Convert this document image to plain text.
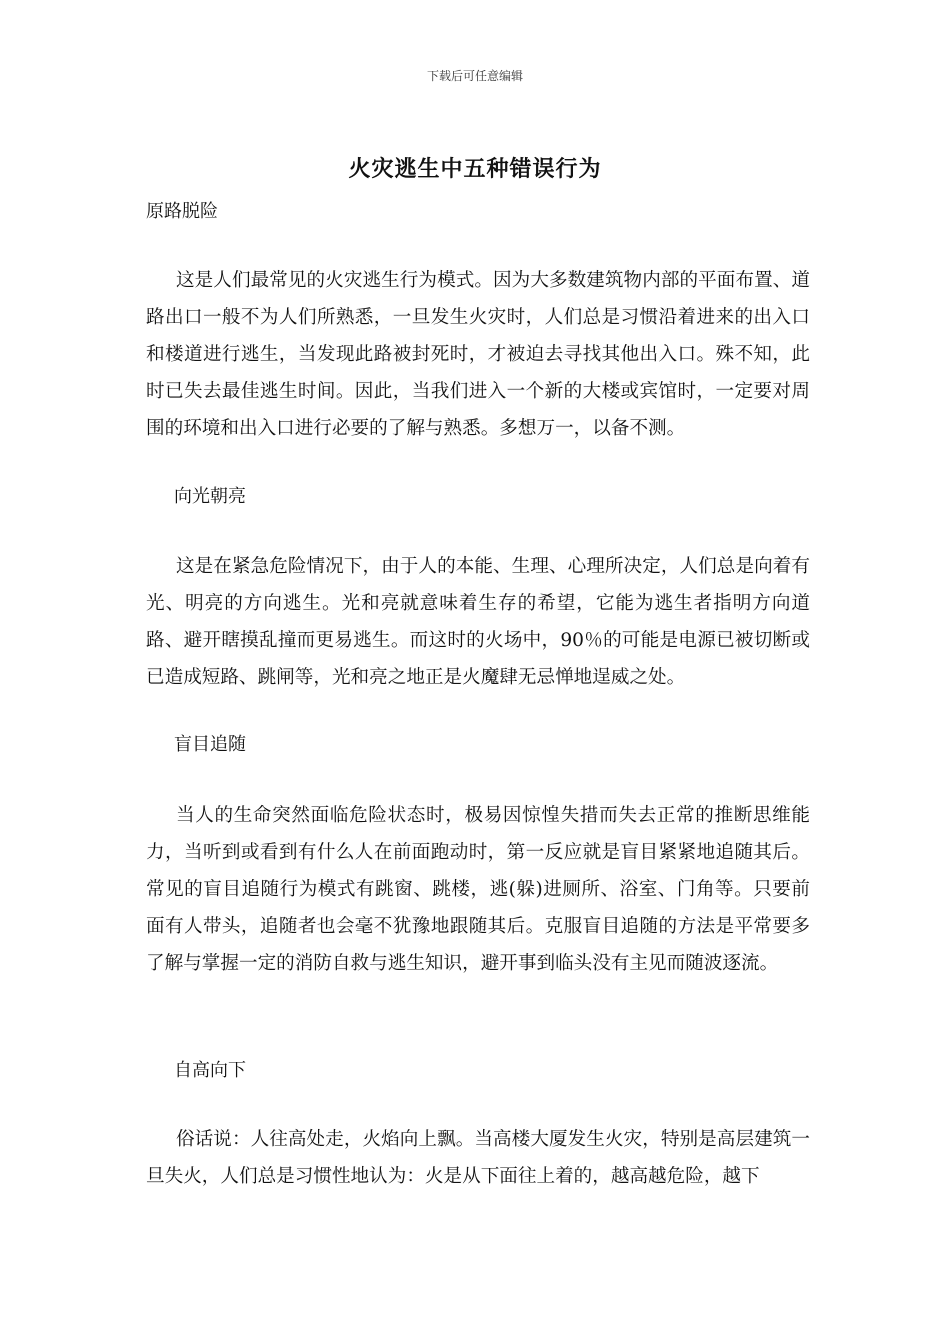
下载后可任意编辑
火灾逃生中五种错误行为
原路脱险

这是人们最常见的火灾逃生行为模式。因为大多数建筑物内部的平面布置、道路出口一般不为人们所熟悉，一旦发生火灾时，人们总是习惯沿着进来的出入口和楼道进行逃生，当发现此路被封死时，才被迫去寻找其他出入口。殊不知，此时已失去最佳逃生时间。因此，当我们进入一个新的大楼或宾馆时，一定要对周围的环境和出入口进行必要的了解与熟悉。多想万一，以备不测。

向光朝亮

这是在紧急危险情况下，由于人的本能、生理、心理所决定，人们总是向着有光、明亮的方向逃生。光和亮就意味着生存的希望，它能为逃生者指明方向道路、避开瞎摸乱撞而更易逃生。而这时的火场中，90％的可能是电源已被切断或已造成短路、跳闸等，光和亮之地正是火魔肆无忌惮地逞威之处。

盲目追随

当人的生命突然面临危险状态时，极易因惊惶失措而失去正常的推断思维能力，当听到或看到有什么人在前面跑动时，第一反应就是盲目紧紧地追随其后。常见的盲目追随行为模式有跳窗、跳楼，逃(躲)进厕所、浴室、门角等。只要前面有人带头，追随者也会毫不犹豫地跟随其后。克服盲目追随的方法是平常要多了解与掌握一定的消防自救与逃生知识，避开事到临头没有主见而随波逐流。

自高向下

俗话说：人往高处走，火焰向上飘。当高楼大厦发生火灾，特别是高层建筑一旦失火，人们总是习惯性地认为：火是从下面往上着的，越高越危险，越下
